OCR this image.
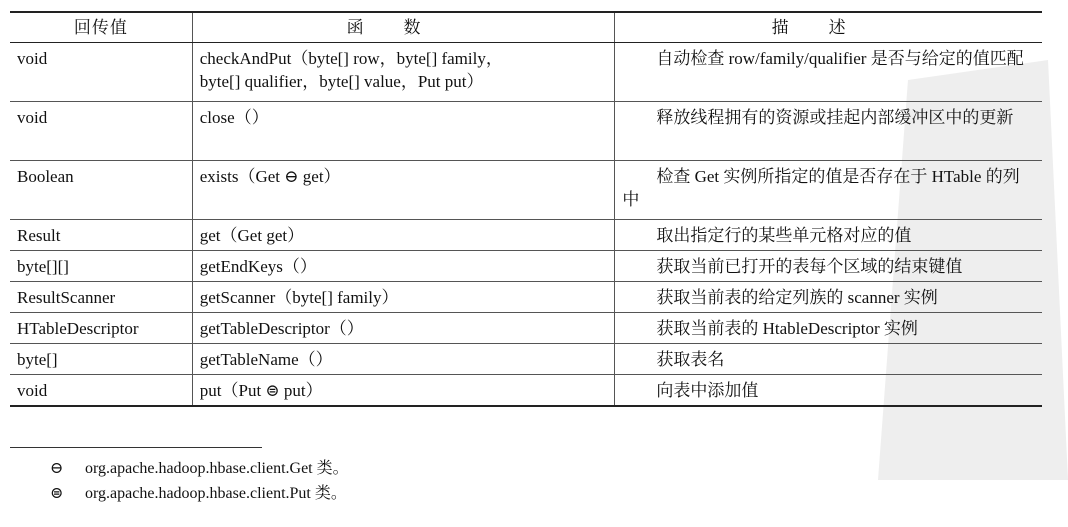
回传值	函数	描述
void	checkAndPut（byte[] row，byte[] family，
byte[] qualifier，byte[] value，Put put）	自动检查 row/family/qualifier 是否与给定的值匹配

void	close（）	释放线程拥有的资源或挂起内部缓冲区中的更新

Boolean	exists（Get ⊖ get）	检查 Get 实例所指定的值是否存在于 HTable 的列中

Result	get（Get get）	取出指定行的某些单元格对应的值

byte[][]	getEndKeys（）	获取当前已打开的表每个区域的结束键值

ResultScanner	getScanner（byte[] family）	获取当前表的给定列族的 scanner 实例

HTableDescriptor	getTableDescriptor（）	获取当前表的 HtableDescriptor 实例

byte[]	getTableName（）	获取表名

void	put（Put ⊜ put）	向表中添加值
⊖	org.apache.hadoop.hbase.client.Get 类。
⊜	org.apache.hadoop.hbase.client.Put 类。
